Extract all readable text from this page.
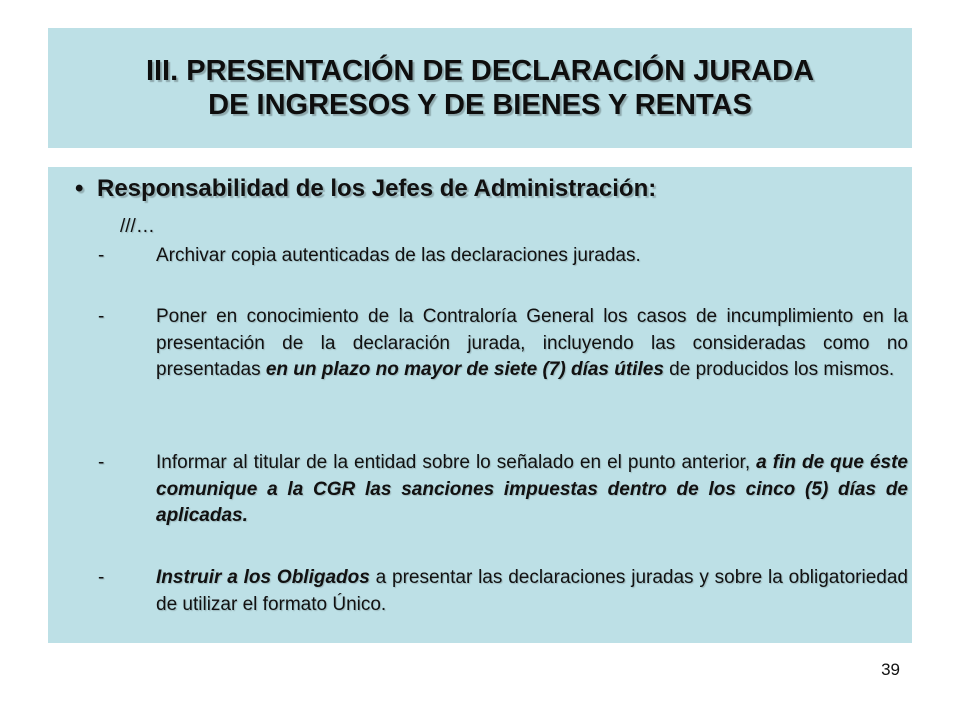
III. PRESENTACIÓN DE DECLARACIÓN JURADA
DE INGRESOS Y DE BIENES Y RENTAS
• Responsabilidad de los Jefes de Administración:
///…
-	Archivar copia autenticadas de las declaraciones juradas.
-	Poner en conocimiento de la Contraloría General los casos de incumplimiento en la presentación de la declaración jurada, incluyendo las consideradas como no presentadas en un plazo no mayor de siete (7) días útiles de producidos los mismos.
-	Informar al titular de la entidad sobre lo señalado en el punto anterior, a fin de que éste comunique a la CGR las sanciones impuestas dentro de los cinco (5) días de aplicadas.
-	Instruir a los Obligados a presentar las declaraciones juradas y sobre la obligatoriedad de utilizar el formato Único.
39
